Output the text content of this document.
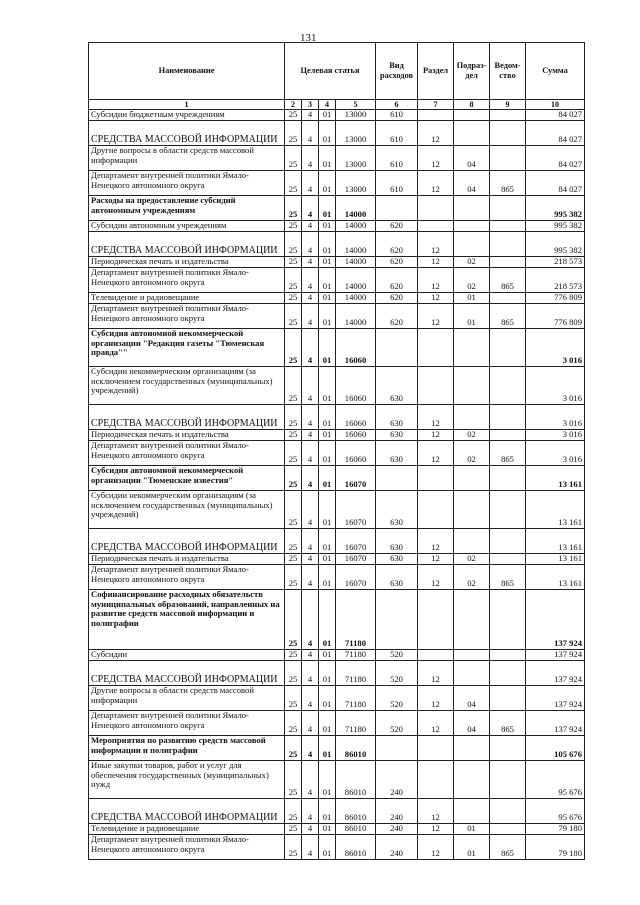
131
Наименование	Целевая статья				Вид расходов	Раздел	Подраз-дел	Ведом-ство	Сумма
1	2	3	4	5	6	7	8	9	10
Субсидии бюджетным учреждениям	25	4	01	13000	610				84 027
СРЕДСТВА МАССОВОЙ ИНФОРМАЦИИ	25	4	01	13000	610	12			84 027
Другие вопросы в области средств массовой информации	25	4	01	13000	610	12	04		84 027
Департамент внутренней политики Ямало-Ненецкого автономного округа	25	4	01	13000	610	12	04	865	84 027
Расходы на предоставление субсидий автономным учреждениям	25	4	01	14000					995 382
Субсидии автономным учреждениям	25	4	01	14000	620				995 382
СРЕДСТВА МАССОВОЙ ИНФОРМАЦИИ	25	4	01	14000	620	12			995 382
Периодическая печать и издательства	25	4	01	14000	620	12	02		218 573
Департамент внутренней политики Ямало-Ненецкого автономного округа	25	4	01	14000	620	12	02	865	218 573
Телевидение и радиовещание	25	4	01	14000	620	12	01		776 809
Департамент внутренней политики Ямало-Ненецкого автономного округа	25	4	01	14000	620	12	01	865	776 809
Субсидия автономной некоммерческой организации "Редакция газеты "Тюменская правда""	25	4	01	16060					3 016
Субсидии некоммерческим организациям (за исключением государственных (муниципальных) учреждений)	25	4	01	16060	630				3 016
СРЕДСТВА МАССОВОЙ ИНФОРМАЦИИ	25	4	01	16060	630	12			3 016
Периодическая печать и издательства	25	4	01	16060	630	12	02		3 016
Департамент внутренней политики Ямало-Ненецкого автономного округа	25	4	01	16060	630	12	02	865	3 016
Субсидия автономной некоммерческой организации "Тюменские известия"	25	4	01	16070					13 161
Субсидии некоммерческим организациям (за исключением государственных (муниципальных) учреждений)	25	4	01	16070	630				13 161
СРЕДСТВА МАССОВОЙ ИНФОРМАЦИИ	25	4	01	16070	630	12			13 161
Периодическая печать и издательства	25	4	01	16070	630	12	02		13 161
Департамент внутренней политики Ямало-Ненецкого автономного округа	25	4	01	16070	630	12	02	865	13 161
Софинансирование расходных обязательств муниципальных образований, направленных на развитие средств массовой информации и полиграфии	25	4	01	71180					137 924
Субсидии	25	4	01	71180	520				137 924
СРЕДСТВА МАССОВОЙ ИНФОРМАЦИИ	25	4	01	71180	520	12			137 924
Другие вопросы в области средств массовой информации	25	4	01	71180	520	12	04		137 924
Департамент внутренней политики Ямало-Ненецкого автономного округа	25	4	01	71180	520	12	04	865	137 924
Мероприятия по развитию средств массовой информации и полиграфии	25	4	01	86010					105 676
Иные закупки товаров, работ и услуг для обеспечения государственных (муниципальных) нужд	25	4	01	86010	240				95 676
СРЕДСТВА МАССОВОЙ ИНФОРМАЦИИ	25	4	01	86010	240	12			95 676
Телевидение и радиовещание	25	4	01	86010	240	12	01		79 180
Департамент внутренней политики Ямало-Ненецкого автономного округа	25	4	01	86010	240	12	01	865	79 180
